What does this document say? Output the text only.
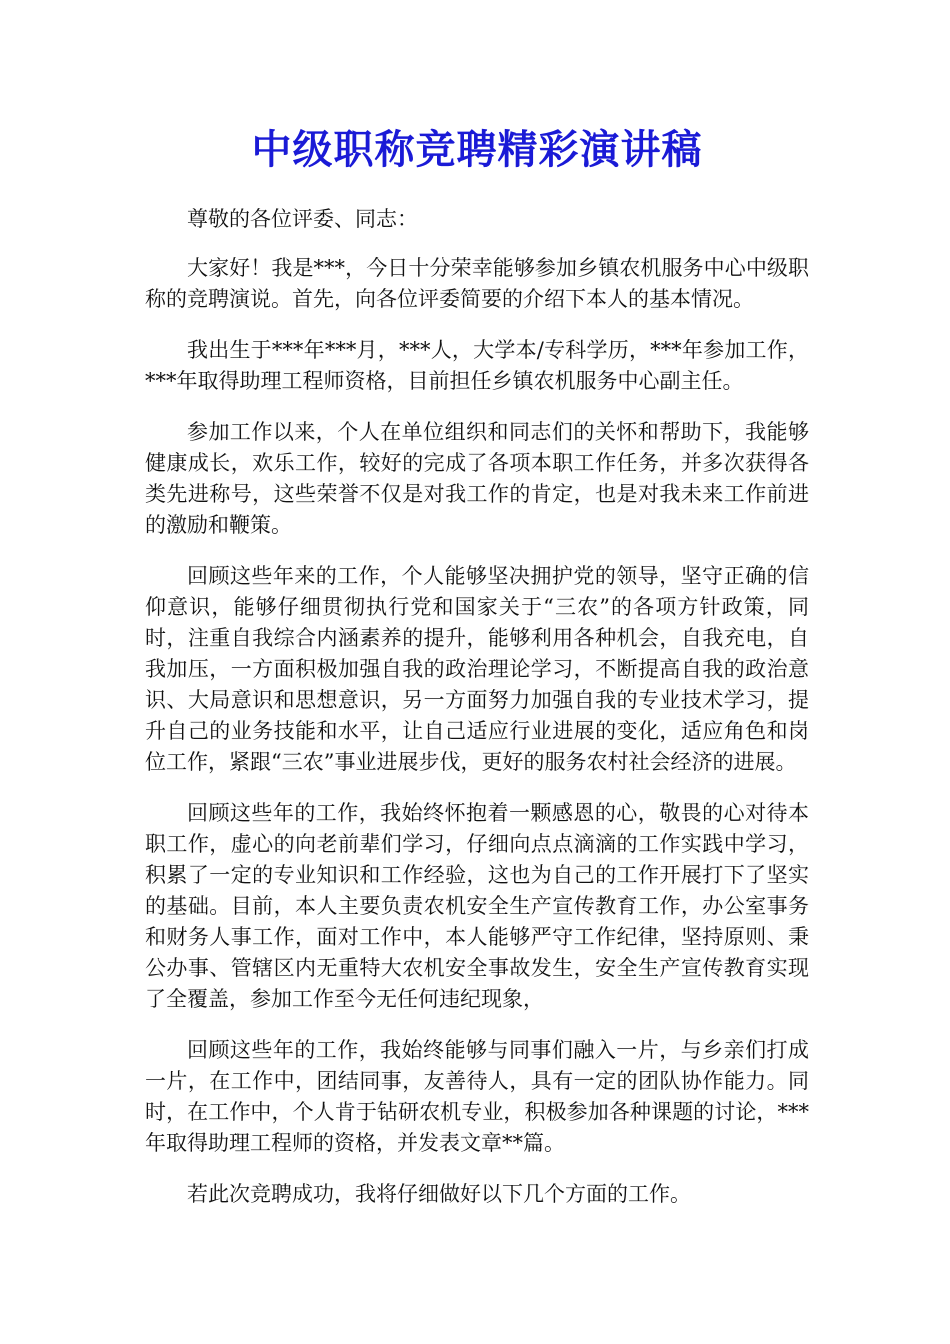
中级职称竞聘精彩演讲稿

尊敬的各位评委、同志：

大家好！我是***，今日十分荣幸能够参加乡镇农机服务中心中级职称的竞聘演说。首先，向各位评委简要的介绍下本人的基本情况。

我出生于***年***月，***人，大学本/专科学历，***年参加工作，***年取得助理工程师资格，目前担任乡镇农机服务中心副主任。

参加工作以来，个人在单位组织和同志们的关怀和帮助下，我能够健康成长，欢乐工作，较好的完成了各项本职工作任务，并多次获得各类先进称号，这些荣誉不仅是对我工作的肯定，也是对我未来工作前进的激励和鞭策。

回顾这些年来的工作，个人能够坚决拥护党的领导，坚守正确的信仰意识，能够仔细贯彻执行党和国家关于“三农”的各项方针政策，同时，注重自我综合内涵素养的提升，能够利用各种机会，自我充电，自我加压，一方面积极加强自我的政治理论学习，不断提高自我的政治意识、大局意识和思想意识，另一方面努力加强自我的专业技术学习，提升自己的业务技能和水平，让自己适应行业进展的变化，适应角色和岗位工作，紧跟“三农”事业进展步伐，更好的服务农村社会经济的进展。

回顾这些年的工作，我始终怀抱着一颗感恩的心，敬畏的心对待本职工作，虚心的向老前辈们学习，仔细向点点滴滴的工作实践中学习，积累了一定的专业知识和工作经验，这也为自己的工作开展打下了坚实的基础。目前，本人主要负责农机安全生产宣传教育工作，办公室事务和财务人事工作，面对工作中，本人能够严守工作纪律，坚持原则、秉公办事、管辖区内无重特大农机安全事故发生，安全生产宣传教育实现了全覆盖，参加工作至今无任何违纪现象，

回顾这些年的工作，我始终能够与同事们融入一片，与乡亲们打成一片，在工作中，团结同事，友善待人，具有一定的团队协作能力。同时，在工作中，个人肯于钻研农机专业，积极参加各种课题的讨论，***年取得助理工程师的资格，并发表文章**篇。

若此次竞聘成功，我将仔细做好以下几个方面的工作。
